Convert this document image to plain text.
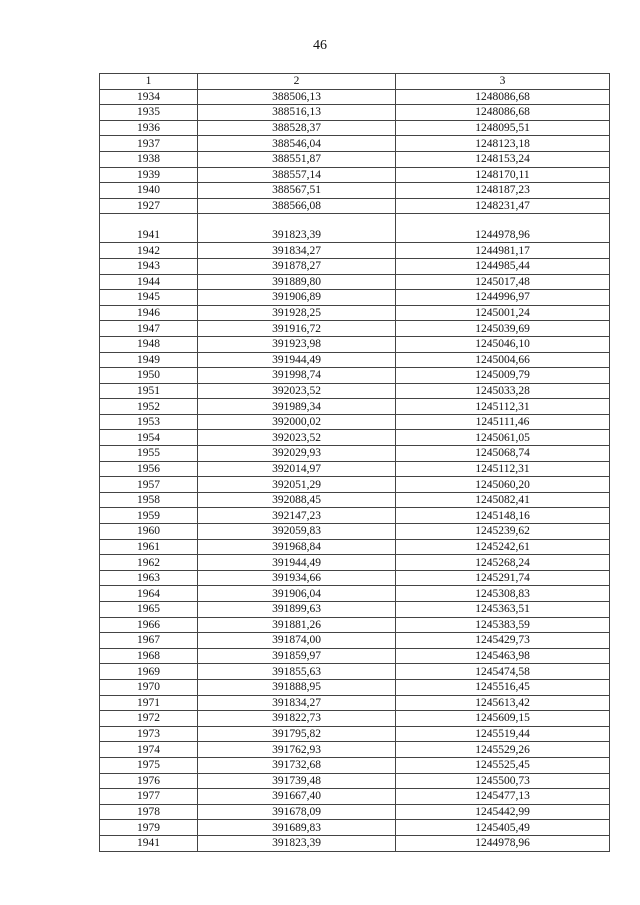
46
1	2	3
1934	388506,13	1248086,68
1935	388516,13	1248086,68
1936	388528,37	1248095,51
1937	388546,04	1248123,18
1938	388551,87	1248153,24
1939	388557,14	1248170,11
1940	388567,51	1248187,23
1927	388566,08	1248231,47

1941	391823,39	1244978,96
1942	391834,27	1244981,17
1943	391878,27	1244985,44
1944	391889,80	1245017,48
1945	391906,89	1244996,97
1946	391928,25	1245001,24
1947	391916,72	1245039,69
1948	391923,98	1245046,10
1949	391944,49	1245004,66
1950	391998,74	1245009,79
1951	392023,52	1245033,28
1952	391989,34	1245112,31
1953	392000,02	1245111,46
1954	392023,52	1245061,05
1955	392029,93	1245068,74
1956	392014,97	1245112,31
1957	392051,29	1245060,20
1958	392088,45	1245082,41
1959	392147,23	1245148,16
1960	392059,83	1245239,62
1961	391968,84	1245242,61
1962	391944,49	1245268,24
1963	391934,66	1245291,74
1964	391906,04	1245308,83
1965	391899,63	1245363,51
1966	391881,26	1245383,59
1967	391874,00	1245429,73
1968	391859,97	1245463,98
1969	391855,63	1245474,58
1970	391888,95	1245516,45
1971	391834,27	1245613,42
1972	391822,73	1245609,15
1973	391795,82	1245519,44
1974	391762,93	1245529,26
1975	391732,68	1245525,45
1976	391739,48	1245500,73
1977	391667,40	1245477,13
1978	391678,09	1245442,99
1979	391689,83	1245405,49
1941	391823,39	1244978,96
